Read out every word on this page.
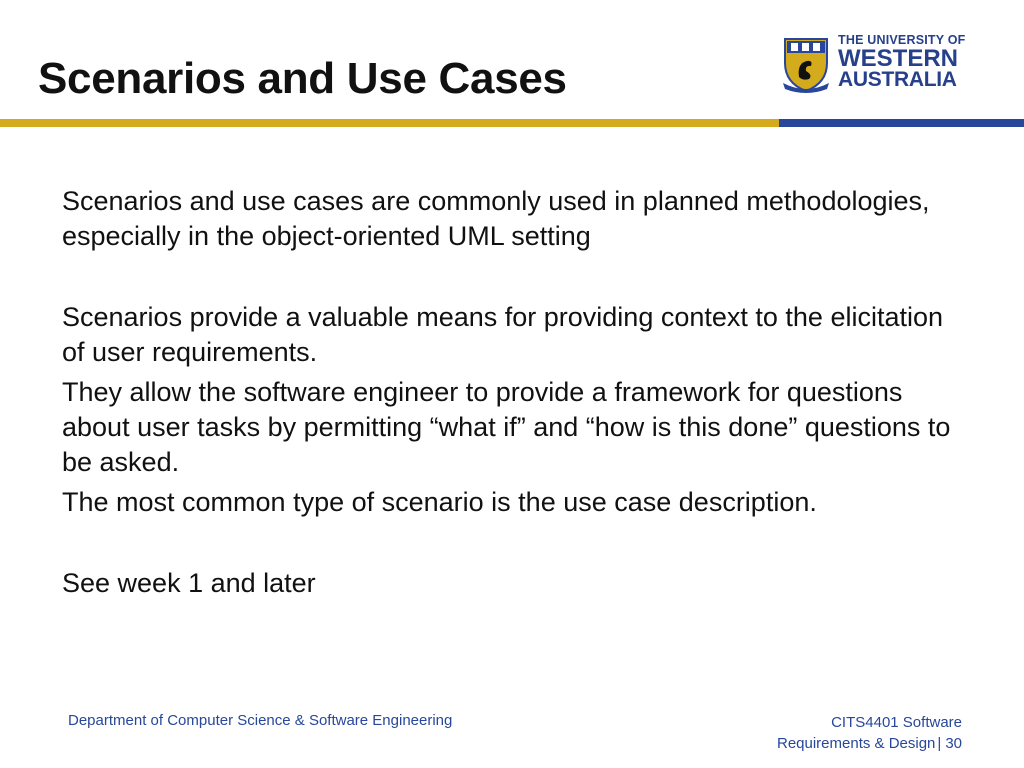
Scenarios and Use Cases
THE UNIVERSITY OF
WESTERN
AUSTRALIA

Scenarios and use cases are commonly used in planned methodologies, especially in the object-oriented UML setting

Scenarios provide a valuable means for providing context to the elicitation of user requirements.

They allow the software engineer to provide a framework for questions about user tasks by permitting “what if” and “how is this done” questions to be asked.

The most common type of scenario is the use case description.

See week 1 and later

Department of Computer Science & Software Engineering	CITS4401 Software
Requirements & Design | 30
